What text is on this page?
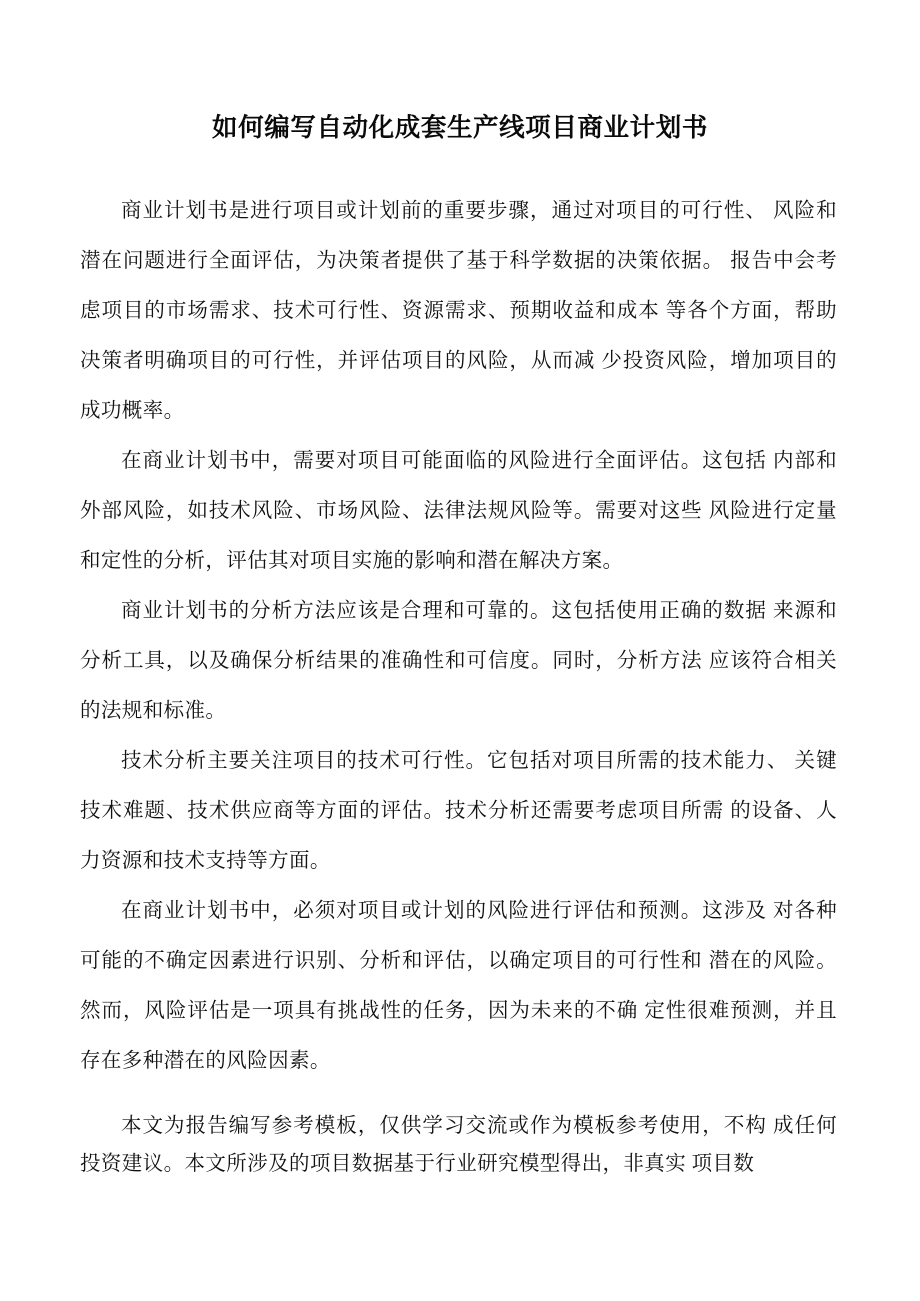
如何编写自动化成套生产线项目商业计划书

商业计划书是进行项目或计划前的重要步骤，通过对项目的可行性、 风险和潜在问题进行全面评估，为决策者提供了基于科学数据的决策依据。 报告中会考虑项目的市场需求、技术可行性、资源需求、预期收益和成本 等各个方面，帮助决策者明确项目的可行性，并评估项目的风险，从而减 少投资风险，增加项目的成功概率。

在商业计划书中，需要对项目可能面临的风险进行全面评估。这包括 内部和外部风险，如技术风险、市场风险、法律法规风险等。需要对这些 风险进行定量和定性的分析，评估其对项目实施的影响和潜在解决方案。

商业计划书的分析方法应该是合理和可靠的。这包括使用正确的数据 来源和分析工具，以及确保分析结果的准确性和可信度。同时，分析方法 应该符合相关的法规和标准。

技术分析主要关注项目的技术可行性。它包括对项目所需的技术能力、 关键技术难题、技术供应商等方面的评估。技术分析还需要考虑项目所需 的设备、人力资源和技术支持等方面。

在商业计划书中，必须对项目或计划的风险进行评估和预测。这涉及 对各种可能的不确定因素进行识别、分析和评估，以确定项目的可行性和 潜在的风险。然而，风险评估是一项具有挑战性的任务，因为未来的不确 定性很难预测，并且存在多种潜在的风险因素。

本文为报告编写参考模板，仅供学习交流或作为模板参考使用，不构 成任何投资建议。本文所涉及的项目数据基于行业研究模型得出，非真实 项目数
